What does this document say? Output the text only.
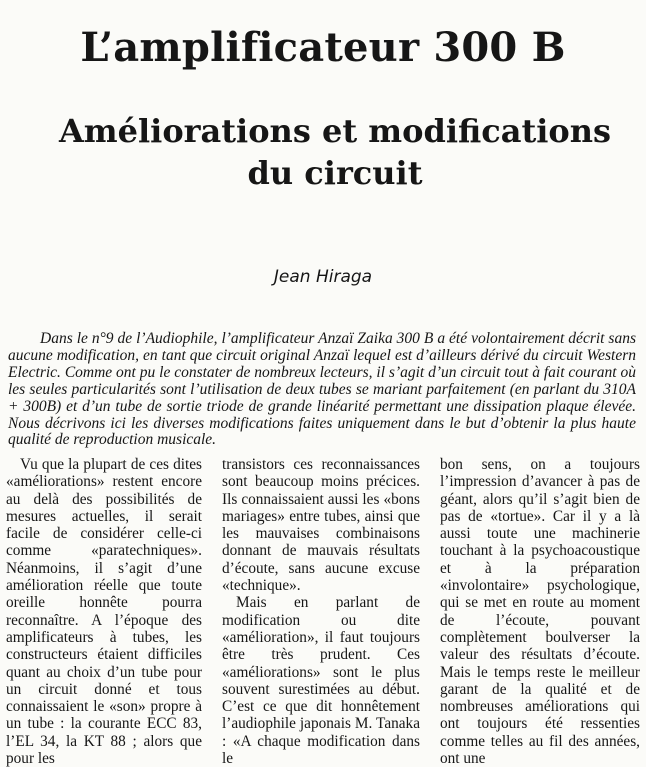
L’amplificateur 300 B
Améliorations et modifications du circuit
Jean Hiraga

Dans le n°9 de l’Audiophile, l’amplificateur Anzaï Zaika 300 B a été volontairement décrit sans aucune modification, en tant que circuit original Anzaï lequel est d’ailleurs dérivé du circuit Western Electric. Comme ont pu le constater de nombreux lecteurs, il s’agit d’un circuit tout à fait courant où les seules particularités sont l’utilisation de deux tubes se mariant parfaitement (en parlant du 310A + 300B) et d’un tube de sortie triode de grande linéarité permettant une dissipation plaque élevée. Nous décrivons ici les diverses modifications faites uniquement dans le but d’obtenir la plus haute qualité de reproduction musicale.

Vu que la plupart de ces dites «améliorations» restent encore au delà des possibilités de mesures actuelles, il serait facile de considérer celle-ci comme «paratechniques». Néanmoins, il s’agit d’une amélioration réelle que toute oreille honnête pourra reconnaître. A l’époque des amplificateurs à tubes, les constructeurs étaient difficiles quant au choix d’un tube pour un circuit donné et tous connaissaient le «son» propre à un tube : la courante ECC 83, l’EL 34, la KT 88 ; alors que pour les

transistors ces reconnaissances sont beaucoup moins précices. Ils connaissaient aussi les «bons mariages» entre tubes, ainsi que les mauvaises combinaisons donnant de mauvais résultats d’écoute, sans aucune excuse «technique».

Mais en parlant de modification ou dite «amélioration», il faut toujours être très prudent. Ces «améliorations» sont le plus souvent surestimées au début. C’est ce que dit honnêtement l’audiophile japonais M. Tanaka : «A chaque modification dans le

bon sens, on a toujours l’impression d’avancer à pas de géant, alors qu’il s’agit bien de pas de «tortue». Car il y a là aussi toute une machinerie touchant à la psychoacoustique et à la préparation «involontaire» psychologique, qui se met en route au moment de l’écoute, pouvant complètement boulverser la valeur des résultats d’écoute. Mais le temps reste le meilleur garant de la qualité et de nombreuses améliorations qui ont toujours été ressenties comme telles au fil des années, ont une
